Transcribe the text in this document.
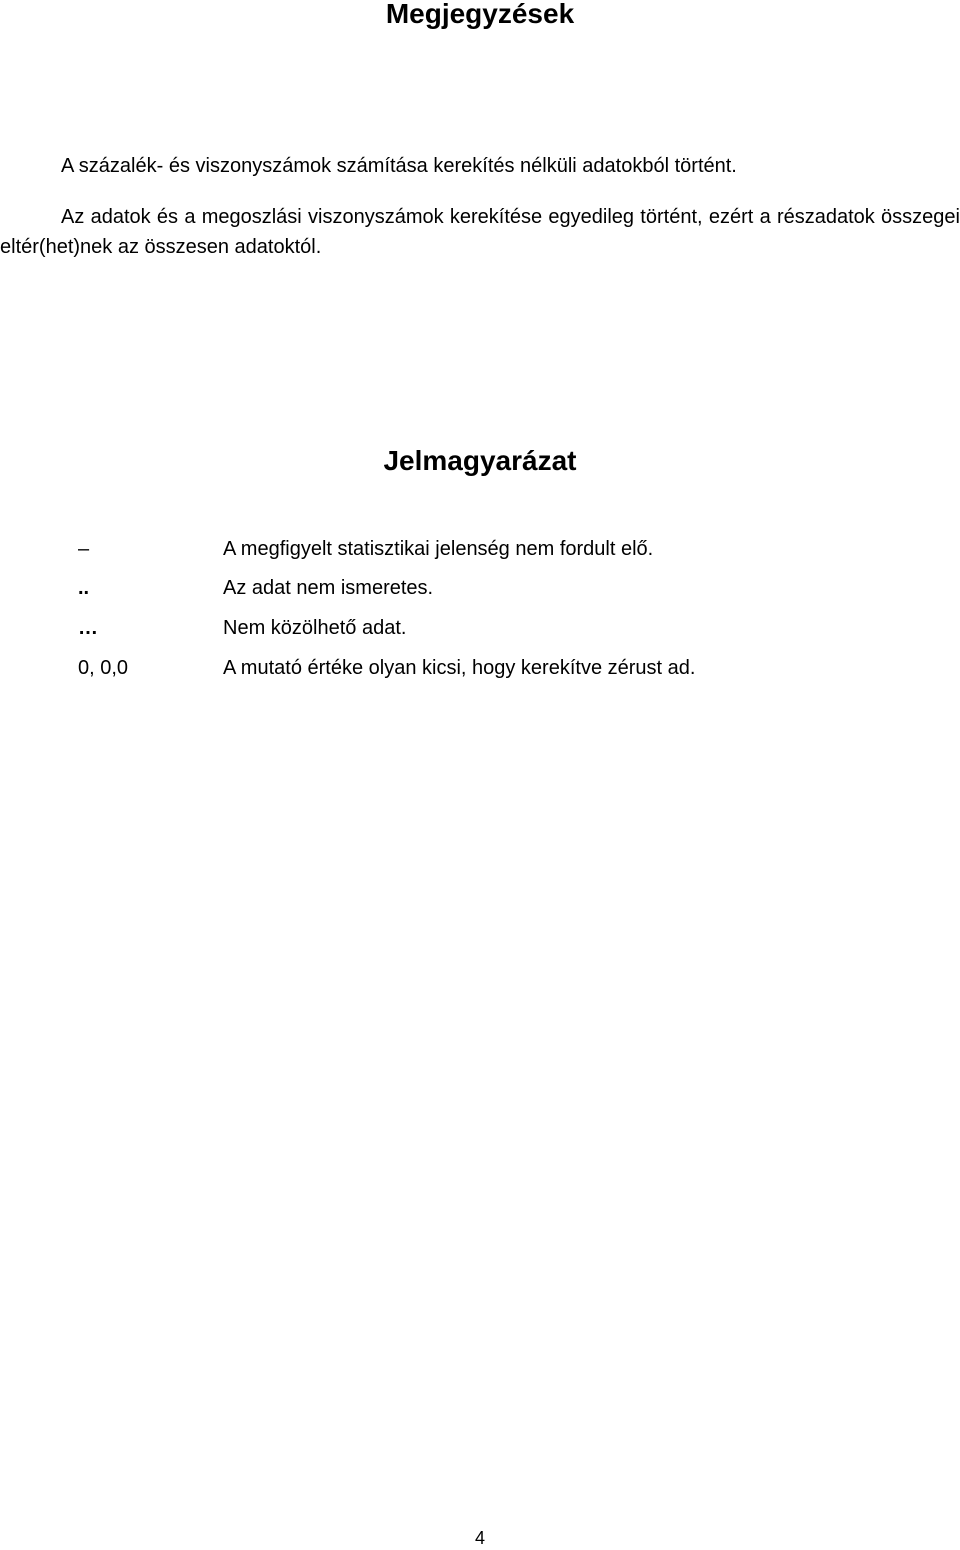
Megjegyzések

A százalék- és viszonyszámok számítása kerekítés nélküli adatokból történt.

Az adatok és a megoszlási viszonyszámok kerekítése egyedileg történt, ezért a részadatok összegei eltér(het)nek az összesen adatoktól.

Jelmagyarázat
–	A megfigyelt statisztikai jelenség nem fordult elő.
..	Az adat nem ismeretes.
…	Nem közölhető adat.
0, 0,0	A mutató értéke olyan kicsi, hogy kerekítve zérust ad.
4
